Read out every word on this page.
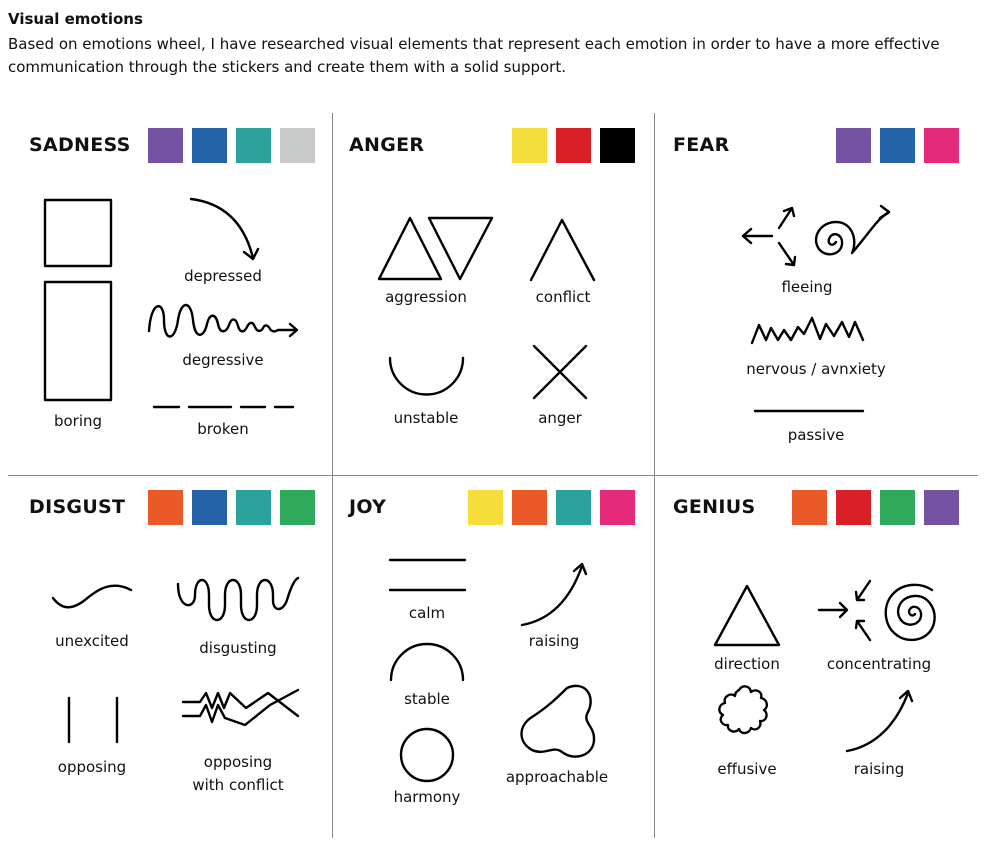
Visual emotions
Based on emotions wheel, I have researched visual elements that represent each emotion in order to have a more effective communication through the stickers and create them with a solid support.
SADNESS	ANGER	FEAR
DISGUST	JOY	GENIUS
boring
depressed
degressive
broken
aggression	conflict
unstable	anger
fleeing
nervous / avnxiety
passive
unexcited	disgusting
opposing	opposing
with conflict
calm
raising
stable
approachable
harmony
direction	concentrating
effusive	raising
